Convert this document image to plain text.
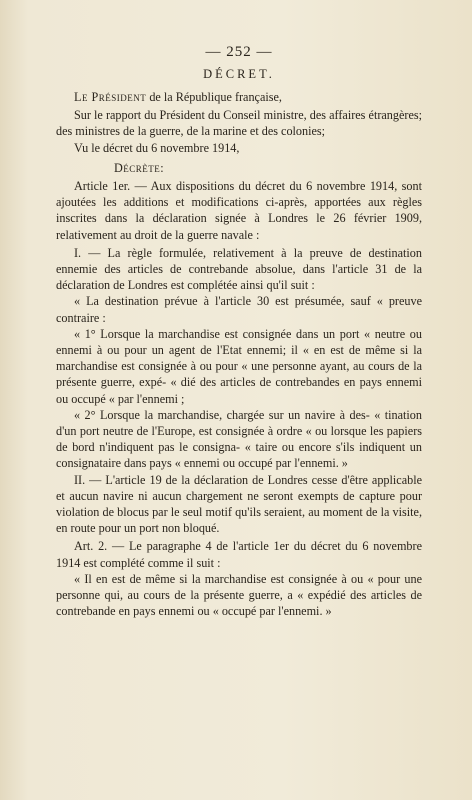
— 252 —
DÉCRET.

Le Président de la République française,

Sur le rapport du Président du Conseil ministre, des affaires étrangères; des ministres de la guerre, de la marine et des colonies;

Vu le décret du 6 novembre 1914,

Décrète:

Article 1er. — Aux dispositions du décret du 6 novembre 1914, sont ajoutées les additions et modifications ci-après, apportées aux règles inscrites dans la déclaration signée à Londres le 26 février 1909, relativement au droit de la guerre navale :

I. — La règle formulée, relativement à la preuve de destination ennemie des articles de contrebande absolue, dans l'article 31 de la déclaration de Londres est complétée ainsi qu'il suit :

« La destination prévue à l'article 30 est présumée, sauf « preuve contraire :

« 1° Lorsque la marchandise est consignée dans un port « neutre ou ennemi à ou pour un agent de l'Etat ennemi; il « en est de même si la marchandise est consignée à ou pour « une personne ayant, au cours de la présente guerre, expé- « dié des articles de contrebandes en pays ennemi ou occupé « par l'ennemi ;

« 2° Lorsque la marchandise, chargée sur un navire à des- « tination d'un port neutre de l'Europe, est consignée à ordre « ou lorsque les papiers de bord n'indiquent pas le consigna- « taire ou encore s'ils indiquent un consignataire dans pays « ennemi ou occupé par l'ennemi. »

II. — L'article 19 de la déclaration de Londres cesse d'être applicable et aucun navire ni aucun chargement ne seront exempts de capture pour violation de blocus par le seul motif qu'ils seraient, au moment de la visite, en route pour un port non bloqué.

Art. 2. — Le paragraphe 4 de l'article 1er du décret du 6 novembre 1914 est complété comme il suit :

« Il en est de même si la marchandise est consignée à ou « pour une personne qui, au cours de la présente guerre, a « expédié des articles de contrebande en pays ennemi ou « occupé par l'ennemi. »
